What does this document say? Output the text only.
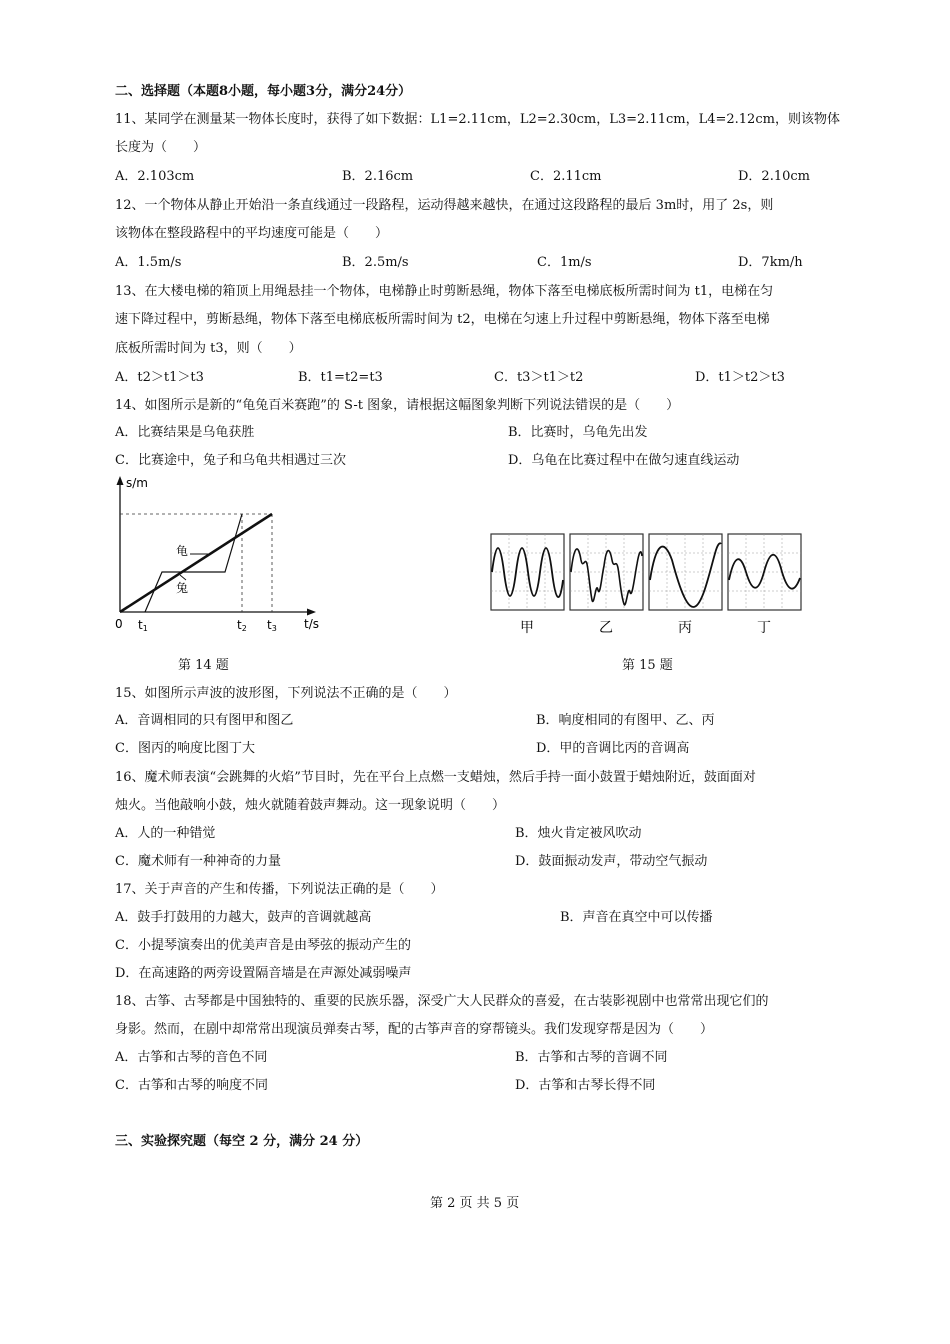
二、选择题（本题8小题，每小题3分，满分24分）
11、某同学在测量某一物体长度时，获得了如下数据：L1=2.11cm，L2=2.30cm，L3=2.11cm，L4=2.12cm，则该物体
长度为（　　）
A．2.103cm	B．2.16cm	C．2.11cm	D．2.10cm
12、一个物体从静止开始沿一条直线通过一段路程，运动得越来越快，在通过这段路程的最后 3m时，用了 2s，则
该物体在整段路程中的平均速度可能是（　　）
A．1.5m/s	B．2.5m/s	C．1m/s	D．7km/h
13、在大楼电梯的箱顶上用绳悬挂一个物体，电梯静止时剪断悬绳，物体下落至电梯底板所需时间为 t1，电梯在匀
速下降过程中，剪断悬绳，物体下落至电梯底板所需时间为 t2，电梯在匀速上升过程中剪断悬绳，物体下落至电梯
底板所需时间为 t3，则（　　）
A．t2＞t1＞t3	B．t1=t2=t3	C．t3＞t1＞t2	D．t1＞t2＞t3
14、如图所示是新的“龟兔百米赛跑”的 S-t 图象，请根据这幅图象判断下列说法错误的是（　　）
A．比赛结果是乌龟获胜	B．比赛时，乌龟先出发
C．比赛途中，兔子和乌龟共相遇过三次	D．乌龟在比赛过程中在做匀速直线运动
s/m
t/s
0 t1	t2 t3
龟
兔
第 14 题
甲	乙	丙	丁
第 15 题
15、如图所示声波的波形图，下列说法不正确的是（　　）
A．音调相同的只有图甲和图乙	B．响度相同的有图甲、乙、丙
C．图丙的响度比图丁大	D．甲的音调比丙的音调高
16、魔术师表演“会跳舞的火焰”节目时，先在平台上点燃一支蜡烛，然后手持一面小鼓置于蜡烛附近，鼓面面对
烛火。当他敲响小鼓，烛火就随着鼓声舞动。这一现象说明（　　）
A．人的一种错觉	B．烛火肯定被风吹动
C．魔术师有一种神奇的力量	D．鼓面振动发声，带动空气振动
17、关于声音的产生和传播，下列说法正确的是（　　）
A．鼓手打鼓用的力越大，鼓声的音调就越高	B．声音在真空中可以传播
C．小提琴演奏出的优美声音是由琴弦的振动产生的
D．在高速路的两旁设置隔音墙是在声源处减弱噪声
18、古筝、古琴都是中国独特的、重要的民族乐器，深受广大人民群众的喜爱，在古装影视剧中也常常出现它们的
身影。然而，在剧中却常常出现演员弹奏古琴，配的古筝声音的穿帮镜头。我们发现穿帮是因为（　　）
A．古筝和古琴的音色不同	B．古筝和古琴的音调不同
C．古筝和古琴的响度不同	D．古筝和古琴长得不同
三、实验探究题（每空 2 分，满分 24 分）
第 2 页 共 5 页
